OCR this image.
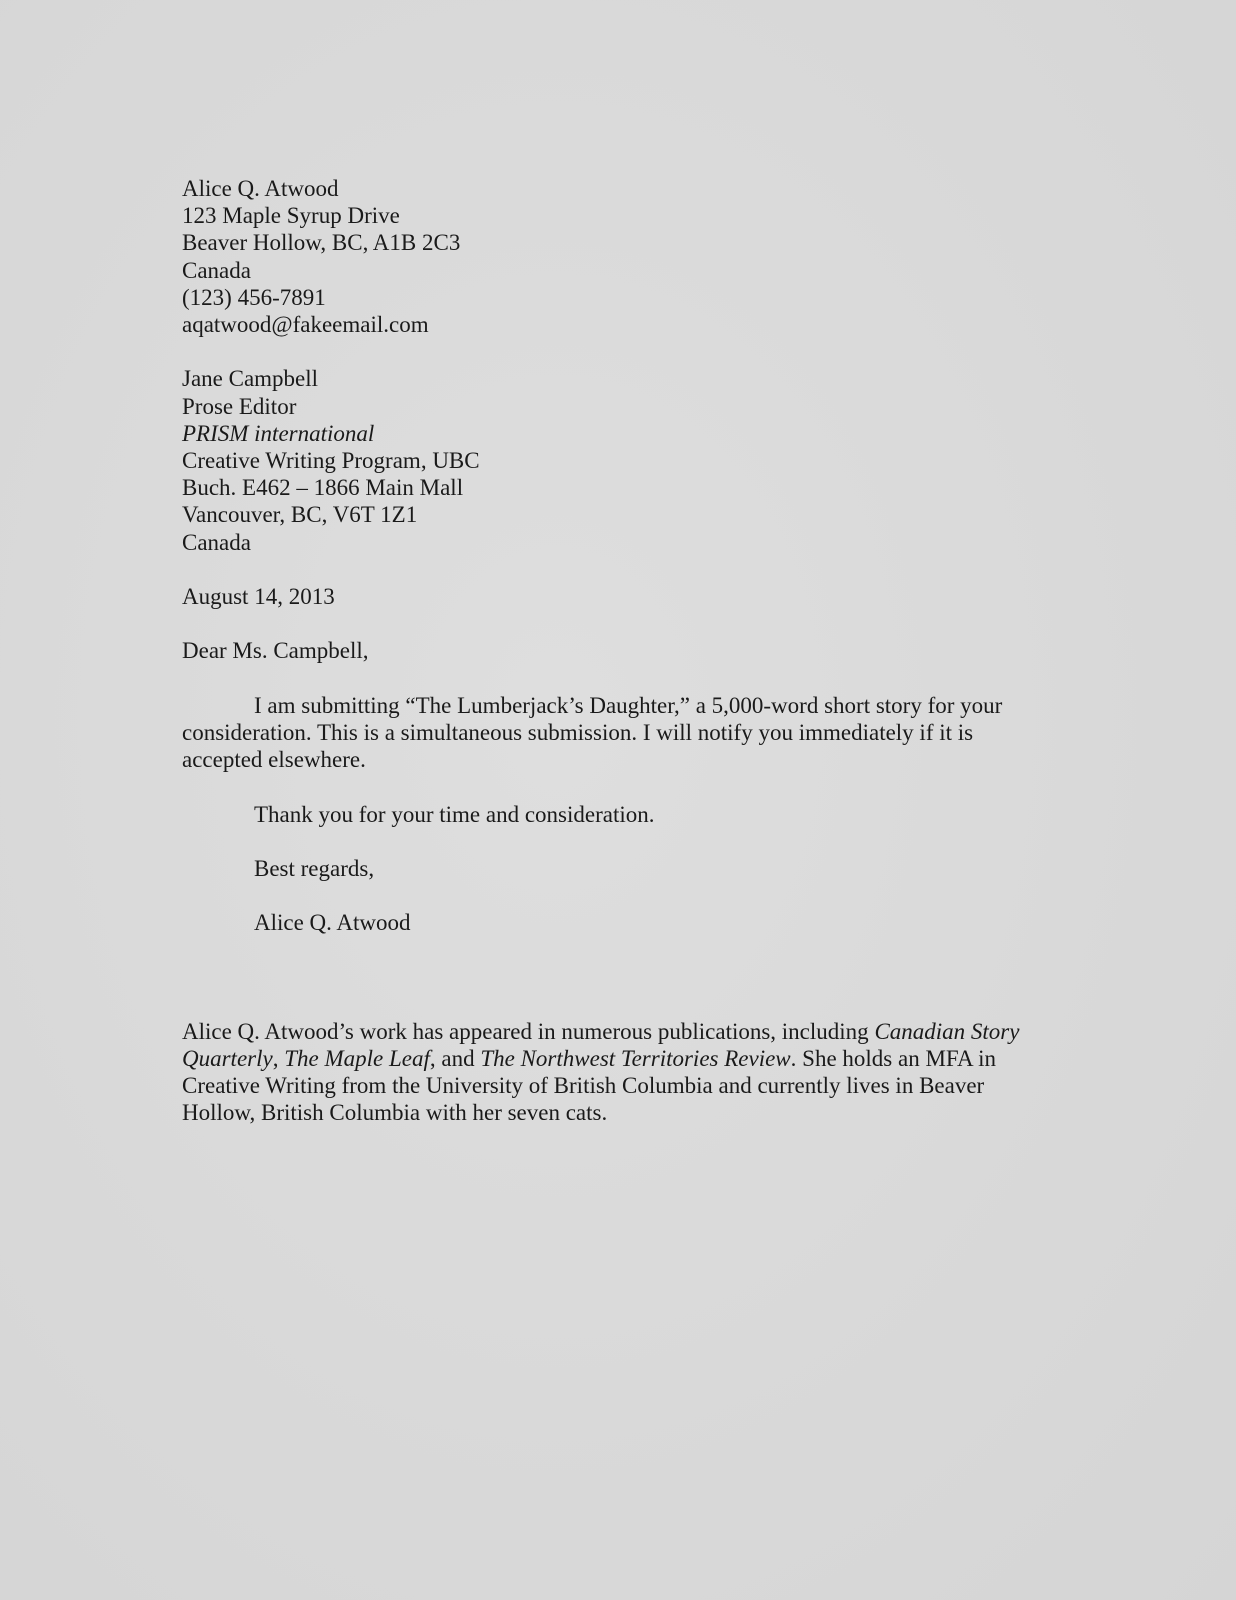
Alice Q. Atwood
123 Maple Syrup Drive
Beaver Hollow, BC, A1B 2C3
Canada
(123) 456-7891
aqatwood@fakeemail.com
Jane Campbell
Prose Editor
PRISM international
Creative Writing Program, UBC
Buch. E462 – 1866 Main Mall
Vancouver, BC, V6T 1Z1
Canada

August 14, 2013

Dear Ms. Campbell,

I am submitting “The Lumberjack’s Daughter,” a 5,000-word short story for your consideration. This is a simultaneous submission. I will notify you immediately if it is accepted elsewhere.

Thank you for your time and consideration.

Best regards,

Alice Q. Atwood

Alice Q. Atwood’s work has appeared in numerous publications, including Canadian Story Quarterly, The Maple Leaf, and The Northwest Territories Review. She holds an MFA in Creative Writing from the University of British Columbia and currently lives in Beaver Hollow, British Columbia with her seven cats.
